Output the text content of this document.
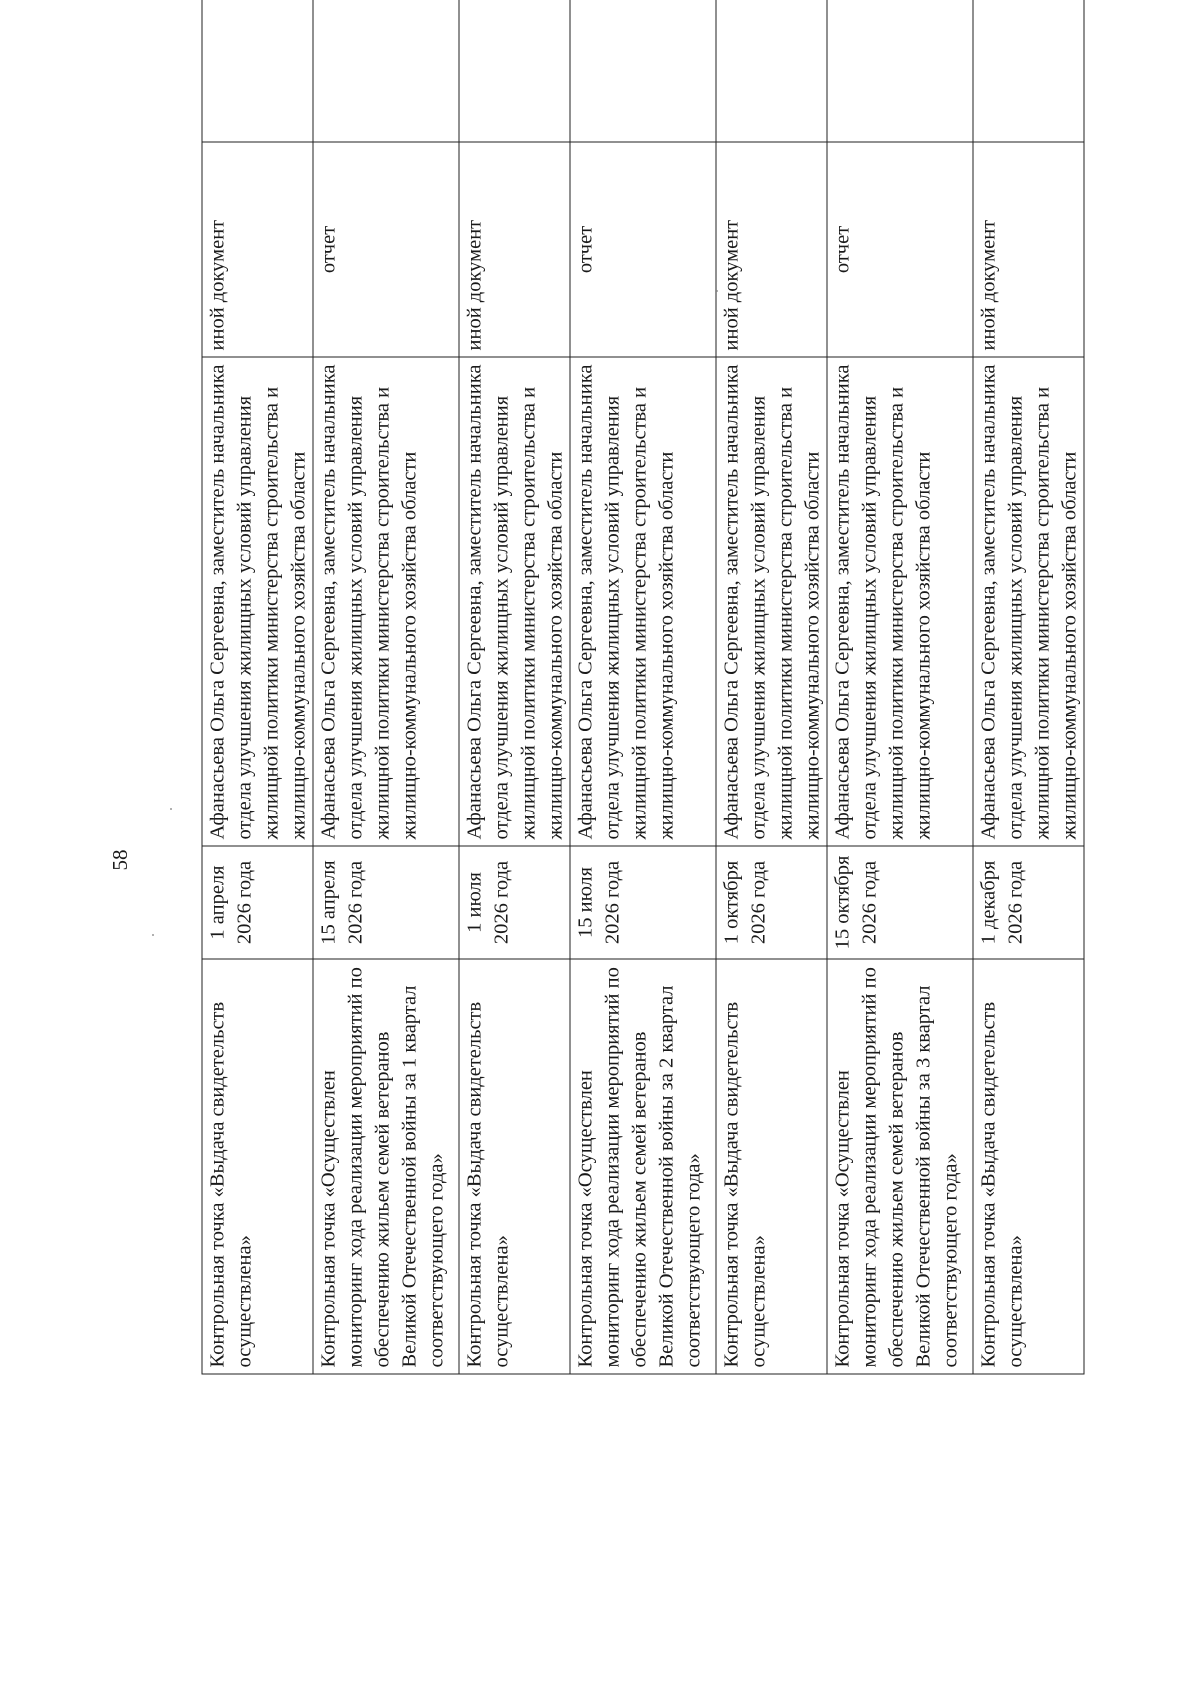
58
Контрольная точка «Выдача свидетельств осуществлена»	1 апреля 2026 года	Афанасьева Ольга Сергеевна, заместитель начальника отдела улучшения жилищных условий управления жилищной политики министерства строительства и жилищно-коммунального хозяйства области	иной документ	

Контрольная точка «Осуществлен мониторинг хода реализации мероприятий по обеспечению жильем семей ветеранов Великой Отечественной войны за 1 квартал соответствующего года»	15 апреля 2026 года	Афанасьева Ольга Сергеевна, заместитель начальника отдела улучшения жилищных условий управления жилищной политики министерства строительства и жилищно-коммунального хозяйства области	отчет	

Контрольная точка «Выдача свидетельств осуществлена»	1 июля 2026 года	Афанасьева Ольга Сергеевна, заместитель начальника отдела улучшения жилищных условий управления жилищной политики министерства строительства и жилищно-коммунального хозяйства области	иной документ	

Контрольная точка «Осуществлен мониторинг хода реализации мероприятий по обеспечению жильем семей ветеранов Великой Отечественной войны за 2 квартал соответствующего года»	15 июля 2026 года	Афанасьева Ольга Сергеевна, заместитель начальника отдела улучшения жилищных условий управления жилищной политики министерства строительства и жилищно-коммунального хозяйства области	отчет	

Контрольная точка «Выдача свидетельств осуществлена»	1 октября 2026 года	Афанасьева Ольга Сергеевна, заместитель начальника отдела улучшения жилищных условий управления жилищной политики министерства строительства и жилищно-коммунального хозяйства области	иной документ	

Контрольная точка «Осуществлен мониторинг хода реализации мероприятий по обеспечению жильем семей ветеранов Великой Отечественной войны за 3 квартал соответствующего года»	15 октября 2026 года	Афанасьева Ольга Сергеевна, заместитель начальника отдела улучшения жилищных условий управления жилищной политики министерства строительства и жилищно-коммунального хозяйства области	отчет	

Контрольная точка «Выдача свидетельств осуществлена»	1 декабря 2026 года	Афанасьева Ольга Сергеевна, заместитель начальника отдела улучшения жилищных условий управления жилищной политики министерства строительства и жилищно-коммунального хозяйства области	иной документ	
